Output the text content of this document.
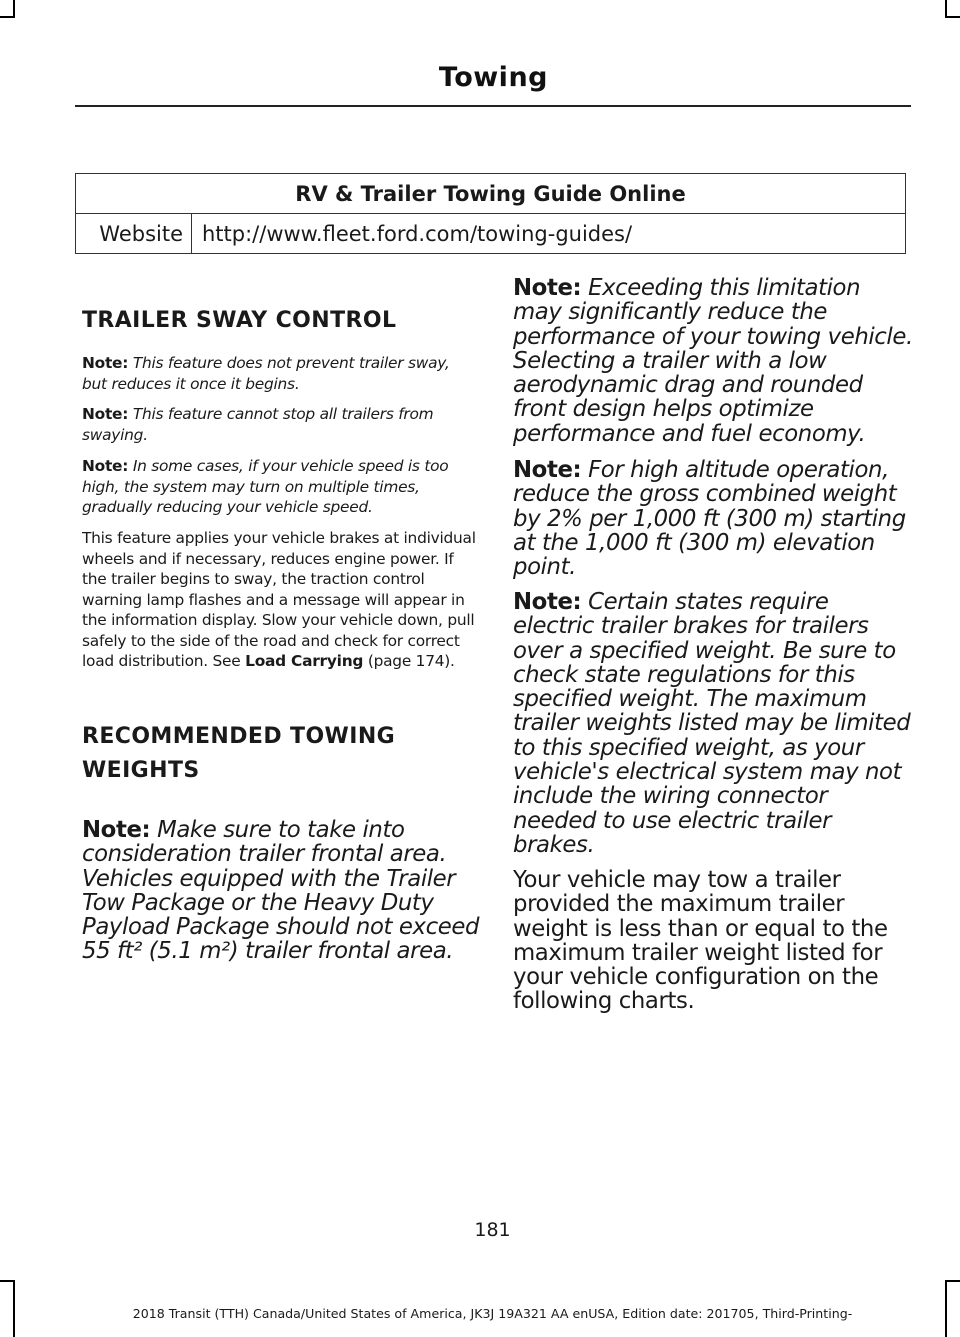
Towing
RV & Trailer Towing Guide Online
Website	http://www.fleet.ford.com/towing-guides/
TRAILER SWAY CONTROL

Note: This feature does not prevent trailer sway, but reduces it once it begins.

Note: This feature cannot stop all trailers from swaying.

Note: In some cases, if your vehicle speed is too high, the system may turn on multiple times, gradually reducing your vehicle speed.

This feature applies your vehicle brakes at individual wheels and if necessary, reduces engine power. If the trailer begins to sway, the traction control warning lamp flashes and a message will appear in the information display. Slow your vehicle down, pull safely to the side of the road and check for correct load distribution. See Load Carrying (page 174).

RECOMMENDED TOWING
WEIGHTS

Note: Make sure to take into consideration trailer frontal area. Vehicles equipped with the Trailer Tow Package or the Heavy Duty Payload Package should not exceed 55 ft² (5.1 m²) trailer frontal area.

Note: Exceeding this limitation may significantly reduce the performance of your towing vehicle. Selecting a trailer with a low aerodynamic drag and rounded front design helps optimize performance and fuel economy.

Note: For high altitude operation, reduce the gross combined weight by 2% per 1,000 ft (300 m) starting at the 1,000 ft (300 m) elevation point.

Note: Certain states require electric trailer brakes for trailers over a specified weight. Be sure to check state regulations for this specified weight. The maximum trailer weights listed may be limited to this specified weight, as your vehicle's electrical system may not include the wiring connector needed to use electric trailer brakes.

Your vehicle may tow a trailer provided the maximum trailer weight is less than or equal to the maximum trailer weight listed for your vehicle configuration on the following charts.

181
2018 Transit (TTH) Canada/United States of America, JK3J 19A321 AA enUSA, Edition date: 201705, Third-Printing-
